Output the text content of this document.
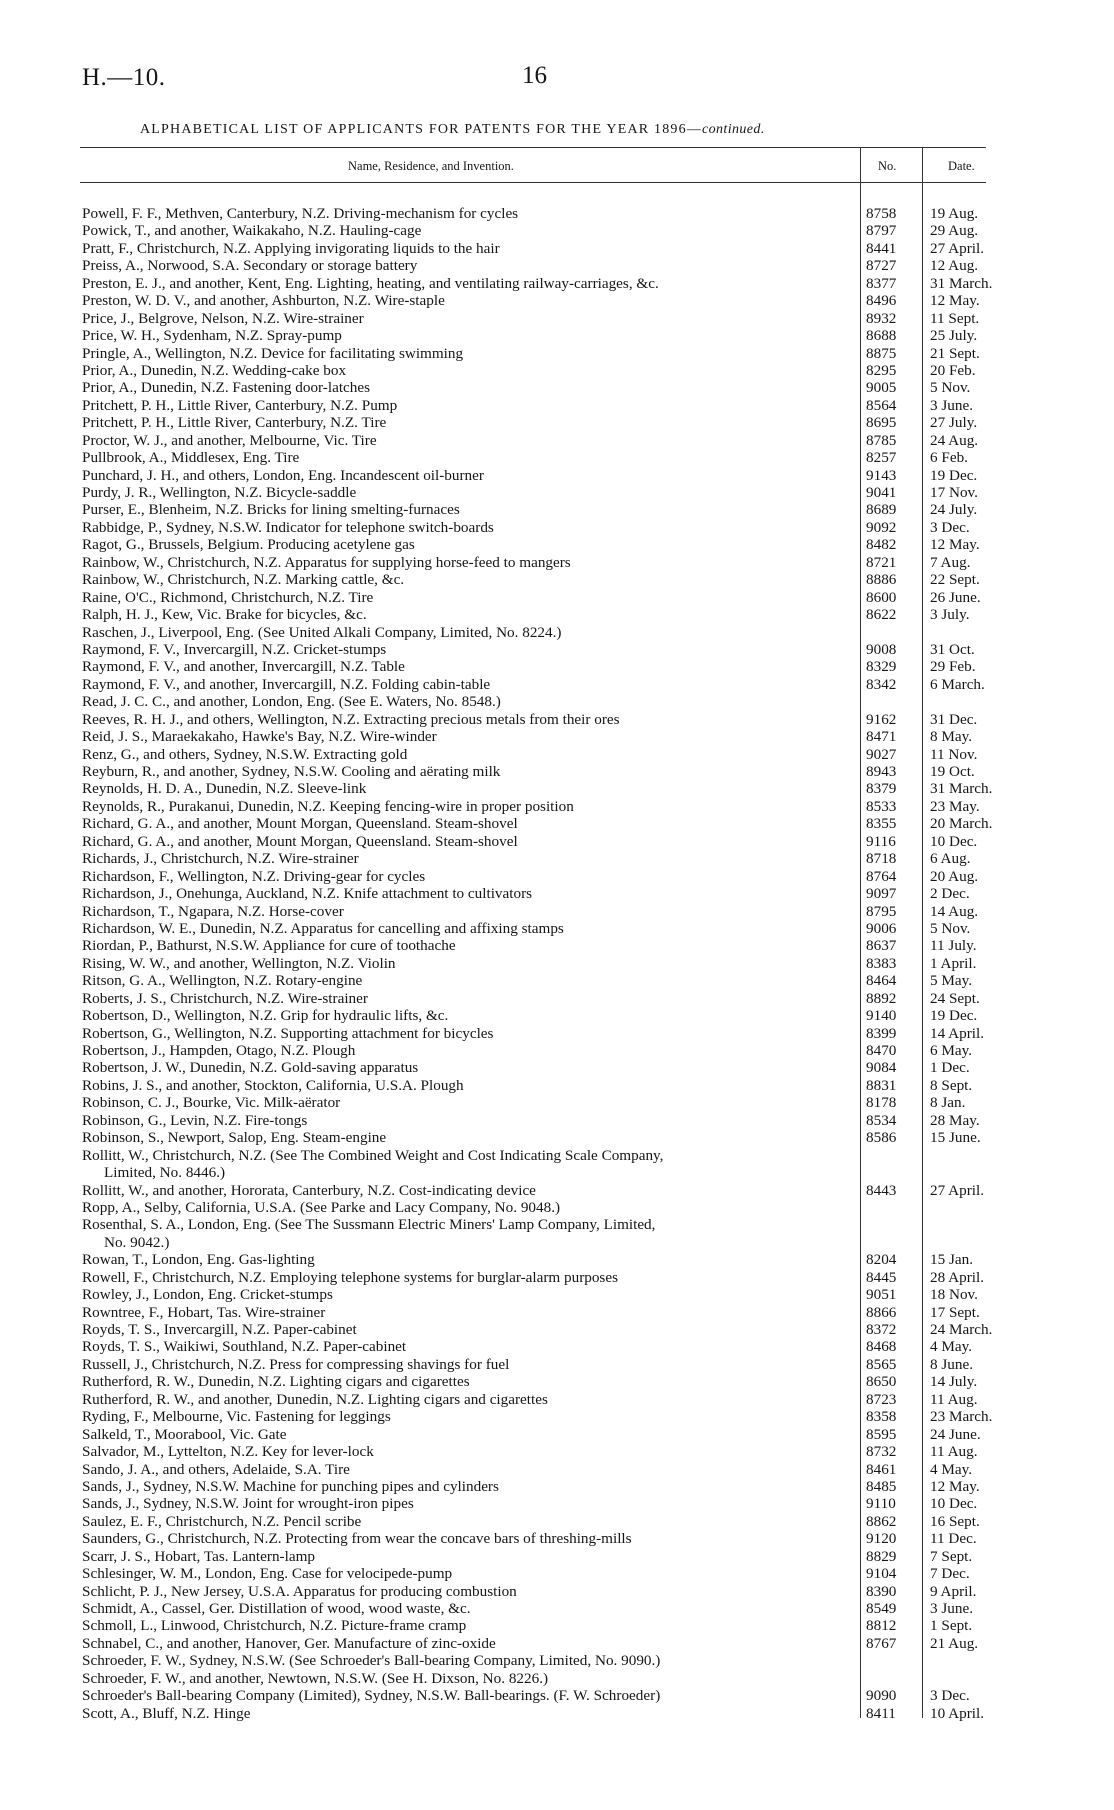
H.—10.	16
ALPHABETICAL LIST OF APPLICANTS FOR PATENTS FOR THE YEAR 1896—continued.
Name, Residence, and Invention.	No.	Date.
Powell, F. F., Methven, Canterbury, N.Z. Driving-mechanism for cycles	8758	19 Aug.
Powick, T., and another, Waikakaho, N.Z. Hauling-cage	8797	29 Aug.
Pratt, F., Christchurch, N.Z. Applying invigorating liquids to the hair	8441	27 April.
Preiss, A., Norwood, S.A. Secondary or storage battery	8727	12 Aug.
Preston, E. J., and another, Kent, Eng. Lighting, heating, and ventilating railway-carriages, &c.	8377	31 March.
Preston, W. D. V., and another, Ashburton, N.Z. Wire-staple	8496	12 May.
Price, J., Belgrove, Nelson, N.Z. Wire-strainer	8932	11 Sept.
Price, W. H., Sydenham, N.Z. Spray-pump	8688	25 July.
Pringle, A., Wellington, N.Z. Device for facilitating swimming	8875	21 Sept.
Prior, A., Dunedin, N.Z. Wedding-cake box	8295	20 Feb.
Prior, A., Dunedin, N.Z. Fastening door-latches	9005	5 Nov.
Pritchett, P. H., Little River, Canterbury, N.Z. Pump	8564	3 June.
Pritchett, P. H., Little River, Canterbury, N.Z. Tire	8695	27 July.
Proctor, W. J., and another, Melbourne, Vic. Tire	8785	24 Aug.
Pullbrook, A., Middlesex, Eng. Tire	8257	6 Feb.
Punchard, J. H., and others, London, Eng. Incandescent oil-burner	9143	19 Dec.
Purdy, J. R., Wellington, N.Z. Bicycle-saddle	9041	17 Nov.
Purser, E., Blenheim, N.Z. Bricks for lining smelting-furnaces	8689	24 July.
Rabbidge, P., Sydney, N.S.W. Indicator for telephone switch-boards	9092	3 Dec.
Ragot, G., Brussels, Belgium. Producing acetylene gas	8482	12 May.
Rainbow, W., Christchurch, N.Z. Apparatus for supplying horse-feed to mangers	8721	7 Aug.
Rainbow, W., Christchurch, N.Z. Marking cattle, &c.	8886	22 Sept.
Raine, O'C., Richmond, Christchurch, N.Z. Tire	8600	26 June.
Ralph, H. J., Kew, Vic. Brake for bicycles, &c.	8622	3 July.
Raschen, J., Liverpool, Eng. (See United Alkali Company, Limited, No. 8224.)
Raymond, F. V., Invercargill, N.Z. Cricket-stumps	9008	31 Oct.
Raymond, F. V., and another, Invercargill, N.Z. Table	8329	29 Feb.
Raymond, F. V., and another, Invercargill, N.Z. Folding cabin-table	8342	6 March.
Read, J. C. C., and another, London, Eng. (See E. Waters, No. 8548.)
Reeves, R. H. J., and others, Wellington, N.Z. Extracting precious metals from their ores	9162	31 Dec.
Reid, J. S., Maraekakaho, Hawke's Bay, N.Z. Wire-winder	8471	8 May.
Renz, G., and others, Sydney, N.S.W. Extracting gold	9027	11 Nov.
Reyburn, R., and another, Sydney, N.S.W. Cooling and aërating milk	8943	19 Oct.
Reynolds, H. D. A., Dunedin, N.Z. Sleeve-link	8379	31 March.
Reynolds, R., Purakanui, Dunedin, N.Z. Keeping fencing-wire in proper position	8533	23 May.
Richard, G. A., and another, Mount Morgan, Queensland. Steam-shovel	8355	20 March.
Richard, G. A., and another, Mount Morgan, Queensland. Steam-shovel	9116	10 Dec.
Richards, J., Christchurch, N.Z. Wire-strainer	8718	6 Aug.
Richardson, F., Wellington, N.Z. Driving-gear for cycles	8764	20 Aug.
Richardson, J., Onehunga, Auckland, N.Z. Knife attachment to cultivators	9097	2 Dec.
Richardson, T., Ngapara, N.Z. Horse-cover	8795	14 Aug.
Richardson, W. E., Dunedin, N.Z. Apparatus for cancelling and affixing stamps	9006	5 Nov.
Riordan, P., Bathurst, N.S.W. Appliance for cure of toothache	8637	11 July.
Rising, W. W., and another, Wellington, N.Z. Violin	8383	1 April.
Ritson, G. A., Wellington, N.Z. Rotary-engine	8464	5 May.
Roberts, J. S., Christchurch, N.Z. Wire-strainer	8892	24 Sept.
Robertson, D., Wellington, N.Z. Grip for hydraulic lifts, &c.	9140	19 Dec.
Robertson, G., Wellington, N.Z. Supporting attachment for bicycles	8399	14 April.
Robertson, J., Hampden, Otago, N.Z. Plough	8470	6 May.
Robertson, J. W., Dunedin, N.Z. Gold-saving apparatus	9084	1 Dec.
Robins, J. S., and another, Stockton, California, U.S.A. Plough	8831	8 Sept.
Robinson, C. J., Bourke, Vic. Milk-aërator	8178	8 Jan.
Robinson, G., Levin, N.Z. Fire-tongs	8534	28 May.
Robinson, S., Newport, Salop, Eng. Steam-engine	8586	15 June.
Rollitt, W., Christchurch, N.Z. (See The Combined Weight and Cost Indicating Scale Company,
Limited, No. 8446.)
Rollitt, W., and another, Hororata, Canterbury, N.Z. Cost-indicating device	8443	27 April.
Ropp, A., Selby, California, U.S.A. (See Parke and Lacy Company, No. 9048.)
Rosenthal, S. A., London, Eng. (See The Sussmann Electric Miners' Lamp Company, Limited,
No. 9042.)
Rowan, T., London, Eng. Gas-lighting	8204	15 Jan.
Rowell, F., Christchurch, N.Z. Employing telephone systems for burglar-alarm purposes	8445	28 April.
Rowley, J., London, Eng. Cricket-stumps	9051	18 Nov.
Rowntree, F., Hobart, Tas. Wire-strainer	8866	17 Sept.
Royds, T. S., Invercargill, N.Z. Paper-cabinet	8372	24 March.
Royds, T. S., Waikiwi, Southland, N.Z. Paper-cabinet	8468	4 May.
Russell, J., Christchurch, N.Z. Press for compressing shavings for fuel	8565	8 June.
Rutherford, R. W., Dunedin, N.Z. Lighting cigars and cigarettes	8650	14 July.
Rutherford, R. W., and another, Dunedin, N.Z. Lighting cigars and cigarettes	8723	11 Aug.
Ryding, F., Melbourne, Vic. Fastening for leggings	8358	23 March.
Salkeld, T., Moorabool, Vic. Gate	8595	24 June.
Salvador, M., Lyttelton, N.Z. Key for lever-lock	8732	11 Aug.
Sando, J. A., and others, Adelaide, S.A. Tire	8461	4 May.
Sands, J., Sydney, N.S.W. Machine for punching pipes and cylinders	8485	12 May.
Sands, J., Sydney, N.S.W. Joint for wrought-iron pipes	9110	10 Dec.
Saulez, E. F., Christchurch, N.Z. Pencil scribe	8862	16 Sept.
Saunders, G., Christchurch, N.Z. Protecting from wear the concave bars of threshing-mills	9120	11 Dec.
Scarr, J. S., Hobart, Tas. Lantern-lamp	8829	7 Sept.
Schlesinger, W. M., London, Eng. Case for velocipede-pump	9104	7 Dec.
Schlicht, P. J., New Jersey, U.S.A. Apparatus for producing combustion	8390	9 April.
Schmidt, A., Cassel, Ger. Distillation of wood, wood waste, &c.	8549	3 June.
Schmoll, L., Linwood, Christchurch, N.Z. Picture-frame cramp	8812	1 Sept.
Schnabel, C., and another, Hanover, Ger. Manufacture of zinc-oxide	8767	21 Aug.
Schroeder, F. W., Sydney, N.S.W. (See Schroeder's Ball-bearing Company, Limited, No. 9090.)
Schroeder, F. W., and another, Newtown, N.S.W. (See H. Dixson, No. 8226.)
Schroeder's Ball-bearing Company (Limited), Sydney, N.S.W. Ball-bearings. (F. W. Schroeder)	9090	3 Dec.
Scott, A., Bluff, N.Z. Hinge	8411	10 April.
